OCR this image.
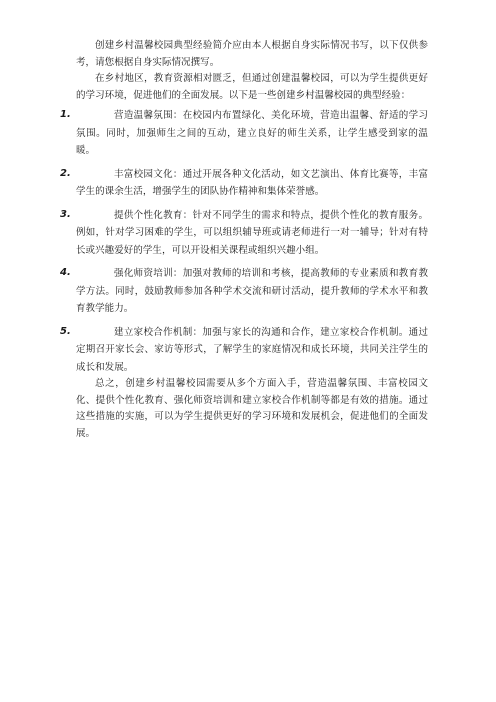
创建乡村温馨校园典型经验简介应由本人根据自身实际情况书写，以下仅供参考，请您根据自身实际情况撰写。

在乡村地区，教育资源相对匮乏，但通过创建温馨校园，可以为学生提供更好的学习环境，促进他们的全面发展。以下是一些创建乡村温馨校园的典型经验：

1.	营造温馨氛围：在校园内布置绿化、美化环境，营造出温馨、舒适的学习氛围。同时，加强师生之间的互动，建立良好的师生关系，让学生感受到家的温暖。

2.	丰富校园文化：通过开展各种文化活动，如文艺演出、体育比赛等，丰富学生的课余生活，增强学生的团队协作精神和集体荣誉感。

3.	提供个性化教育：针对不同学生的需求和特点，提供个性化的教育服务。例如，针对学习困难的学生，可以组织辅导班或请老师进行一对一辅导；针对有特长或兴趣爱好的学生，可以开设相关课程或组织兴趣小组。

4.	强化师资培训：加强对教师的培训和考核，提高教师的专业素质和教育教学方法。同时，鼓励教师参加各种学术交流和研讨活动，提升教师的学术水平和教育教学能力。

5.	建立家校合作机制：加强与家长的沟通和合作，建立家校合作机制。通过定期召开家长会、家访等形式，了解学生的家庭情况和成长环境，共同关注学生的成长和发展。

总之，创建乡村温馨校园需要从多个方面入手，营造温馨氛围、丰富校园文化、提供个性化教育、强化师资培训和建立家校合作机制等都是有效的措施。通过这些措施的实施，可以为学生提供更好的学习环境和发展机会，促进他们的全面发展。
